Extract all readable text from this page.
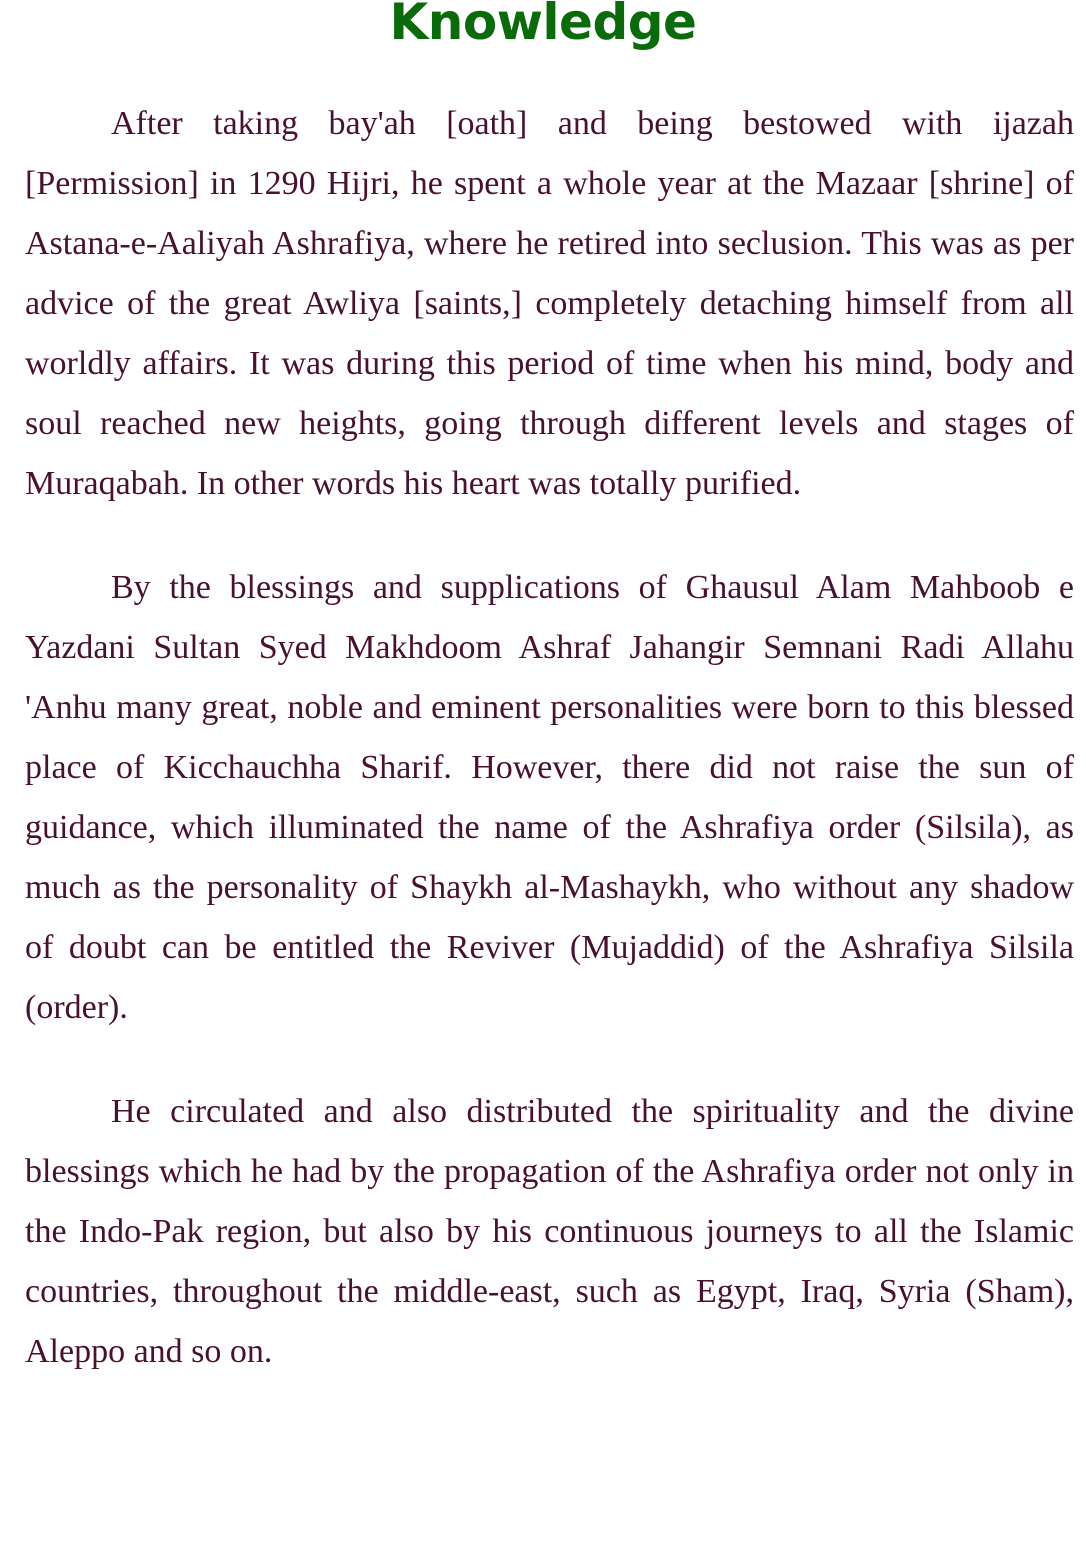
Knowledge

After taking bay'ah [oath] and being bestowed with ijazah [Permission] in 1290 Hijri, he spent a whole year at the Mazaar [shrine] of Astana-e-Aaliyah Ashrafiya, where he retired into seclusion. This was as per advice of the great Awliya [saints,] completely detaching himself from all worldly affairs. It was during this period of time when his mind, body and soul reached new heights, going through different levels and stages of Muraqabah. In other words his heart was totally purified.

By the blessings and supplications of Ghausul Alam Mahboob e Yazdani Sultan Syed Makhdoom Ashraf Jahangir Semnani Radi Allahu 'Anhu many great, noble and eminent personalities were born to this blessed place of Kicchauchha Sharif. However, there did not raise the sun of guidance, which illuminated the name of the Ashrafiya order (Silsila), as much as the personality of Shaykh al-Mashaykh, who without any shadow of doubt can be entitled the Reviver (Mujaddid) of the Ashrafiya Silsila (order).

He circulated and also distributed the spirituality and the divine blessings which he had by the propagation of the Ashrafiya order not only in the Indo-Pak region, but also by his continuous journeys to all the Islamic countries, throughout the middle-east, such as Egypt, Iraq, Syria (Sham), Aleppo and so on.
